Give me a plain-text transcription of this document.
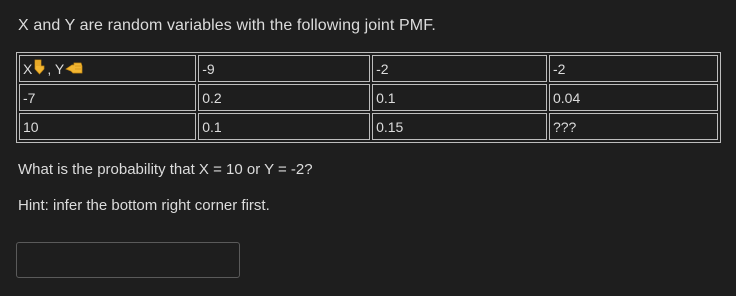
X and Y are random variables with the following joint PMF.
X , Y	-9	-2	-2
-7	0.2	0.1	0.04
10	0.1	0.15	???
What is the probability that X = 10 or Y = -2?
Hint: infer the bottom right corner first.
